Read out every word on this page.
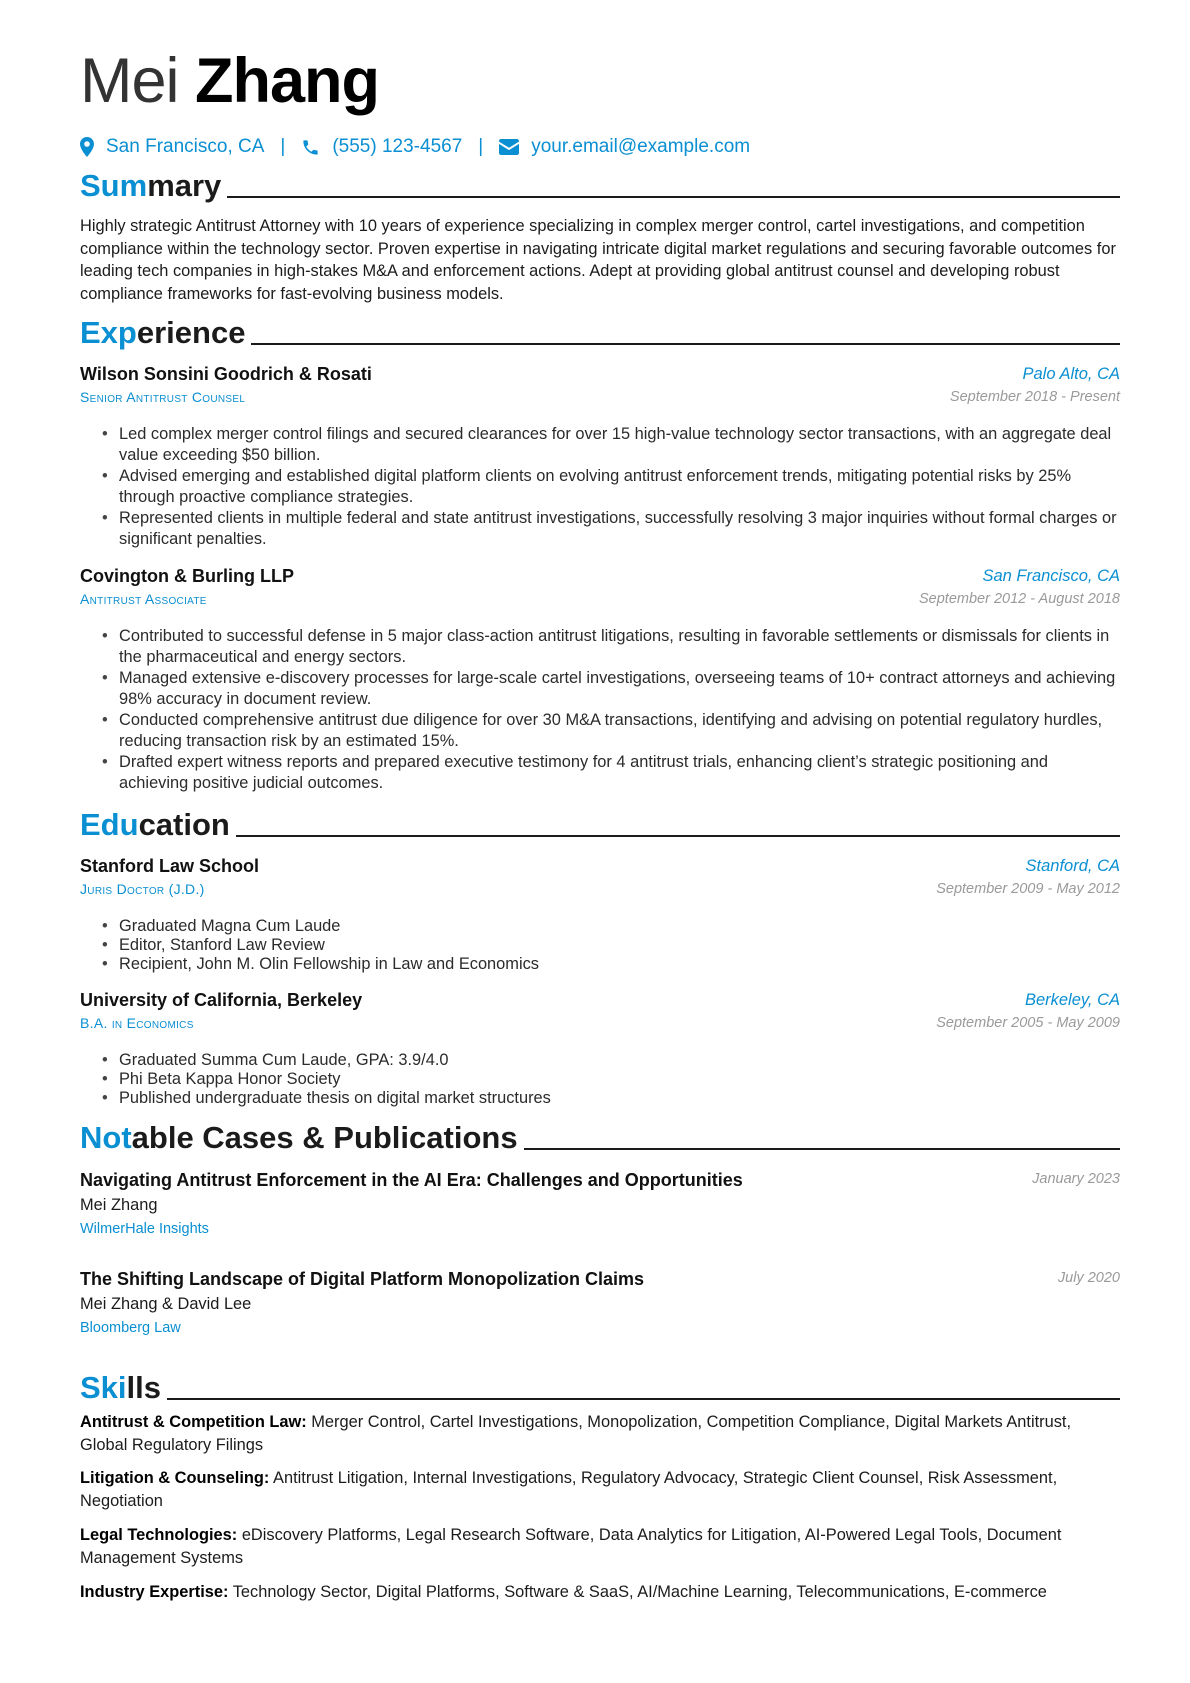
Mei Zhang
San Francisco, CA | (555) 123-4567 |	your.email@example.com
Summary
Highly strategic Antitrust Attorney with 10 years of experience specializing in complex merger control, cartel investigations, and competition compliance within the technology sector. Proven expertise in navigating intricate digital market regulations and securing favorable outcomes for leading tech companies in high-stakes M&A and enforcement actions. Adept at providing global antitrust counsel and developing robust compliance frameworks for fast-evolving business models.
Experience
Wilson Sonsini Goodrich & Rosati	Palo Alto, CA
Senior Antitrust Counsel	September 2018 - Present
• Led complex merger control filings and secured clearances for over 15 high-value technology sector transactions, with an aggregate deal value exceeding $50 billion.
• Advised emerging and established digital platform clients on evolving antitrust enforcement trends, mitigating potential risks by 25% through proactive compliance strategies.
• Represented clients in multiple federal and state antitrust investigations, successfully resolving 3 major inquiries without formal charges or significant penalties.
Covington & Burling LLP	San Francisco, CA
Antitrust Associate	September 2012 - August 2018
• Contributed to successful defense in 5 major class-action antitrust litigations, resulting in favorable settlements or dismissals for clients in the pharmaceutical and energy sectors.
• Managed extensive e-discovery processes for large-scale cartel investigations, overseeing teams of 10+ contract attorneys and achieving 98% accuracy in document review.
• Conducted comprehensive antitrust due diligence for over 30 M&A transactions, identifying and advising on potential regulatory hurdles, reducing transaction risk by an estimated 15%.
• Drafted expert witness reports and prepared executive testimony for 4 antitrust trials, enhancing client’s strategic positioning and achieving positive judicial outcomes.
Education
Stanford Law School	Stanford, CA
Juris Doctor (J.D.)	September 2009 - May 2012
• Graduated Magna Cum Laude
• Editor, Stanford Law Review
• Recipient, John M. Olin Fellowship in Law and Economics
University of California, Berkeley	Berkeley, CA
B.A. in Economics	September 2005 - May 2009
• Graduated Summa Cum Laude, GPA: 3.9/4.0
• Phi Beta Kappa Honor Society
• Published undergraduate thesis on digital market structures
Notable Cases & Publications
Navigating Antitrust Enforcement in the AI Era: Challenges and Opportunities	January 2023
Mei Zhang
WilmerHale Insights
The Shifting Landscape of Digital Platform Monopolization Claims	July 2020
Mei Zhang & David Lee
Bloomberg Law
Skills
Antitrust & Competition Law: Merger Control, Cartel Investigations, Monopolization, Competition Compliance, Digital Markets Antitrust, Global Regulatory Filings
Litigation & Counseling: Antitrust Litigation, Internal Investigations, Regulatory Advocacy, Strategic Client Counsel, Risk Assessment, Negotiation
Legal Technologies: eDiscovery Platforms, Legal Research Software, Data Analytics for Litigation, AI-Powered Legal Tools, Document Management Systems
Industry Expertise: Technology Sector, Digital Platforms, Software & SaaS, AI/Machine Learning, Telecommunications, E-commerce
